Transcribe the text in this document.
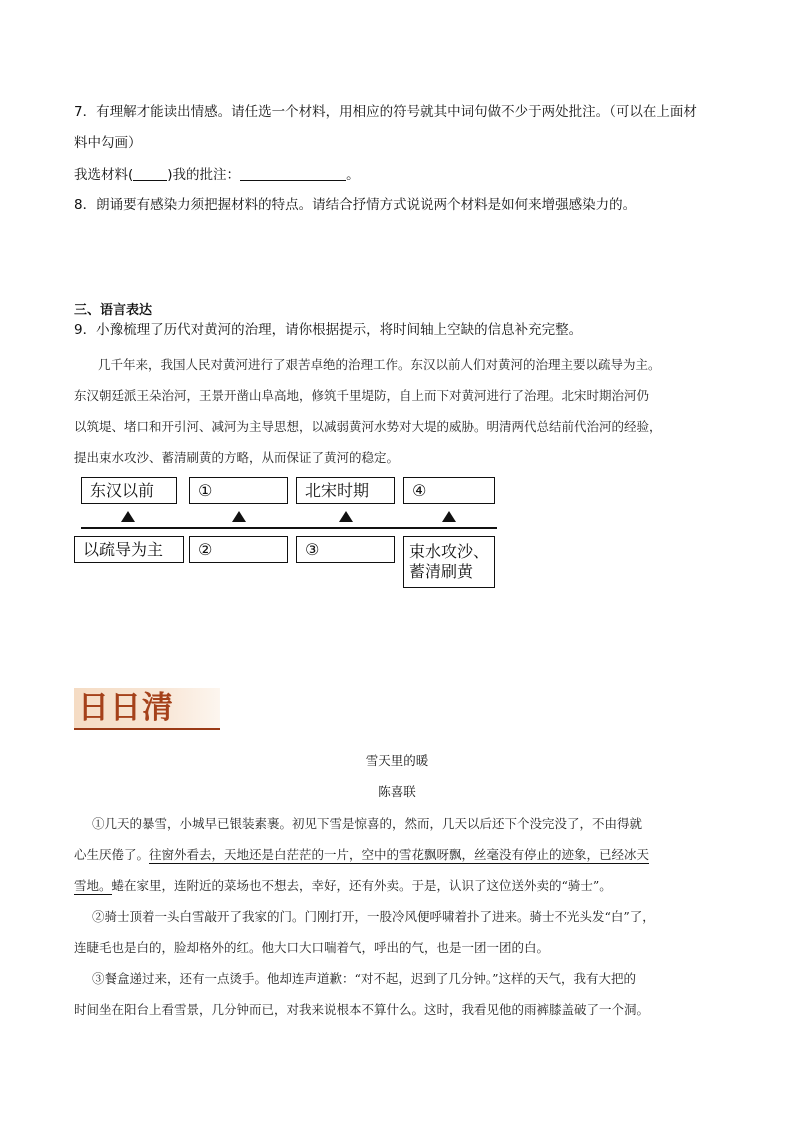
7．有理解才能读出情感。请任选一个材料，用相应的符号就其中词句做不少于两处批注。（可以在上面材
料中勾画）
我选材料(	)我的批注：	。
8．朗诵要有感染力须把握材料的特点。请结合抒情方式说说两个材料是如何来增强感染力的。
三、语言表达
9．小豫梳理了历代对黄河的治理，请你根据提示，将时间轴上空缺的信息补充完整。
几千年来，我国人民对黄河进行了艰苦卓绝的治理工作。东汉以前人们对黄河的治理主要以疏导为主。
东汉朝廷派王朵治河，王景开凿山阜高地，修筑千里堤防，自上而下对黄河进行了治理。北宋时期治河仍
以筑堤、堵口和开引河、减河为主导思想，以减弱黄河水势对大堤的威胁。明清两代总结前代治河的经验，
提出束水攻沙、蓄清刷黄的方略，从而保证了黄河的稳定。
东汉以前	①	北宋时期	④
以疏导为主	②	③	束水攻沙、
蓄清刷黄
日日清
雪天里的暖
陈喜联
①几天的暴雪，小城早已银装素裹。初见下雪是惊喜的，然而，几天以后还下个没完没了，不由得就
心生厌倦了。往窗外看去，天地还是白茫茫的一片，空中的雪花飘呀飘，丝毫没有停止的迹象，已经冰天
雪地。蜷在家里，连附近的菜场也不想去，幸好，还有外卖。于是，认识了这位送外卖的“骑士”。
②骑士顶着一头白雪敲开了我家的门。门刚打开，一股冷风便呼啸着扑了进来。骑士不光头发“白”了，
连睫毛也是白的，脸却格外的红。他大口大口喘着气，呼出的气，也是一团一团的白。
③餐盒递过来，还有一点烫手。他却连声道歉：“对不起，迟到了几分钟。”这样的天气，我有大把的
时间坐在阳台上看雪景，几分钟而已，对我来说根本不算什么。这时，我看见他的雨裤膝盖破了一个洞。
